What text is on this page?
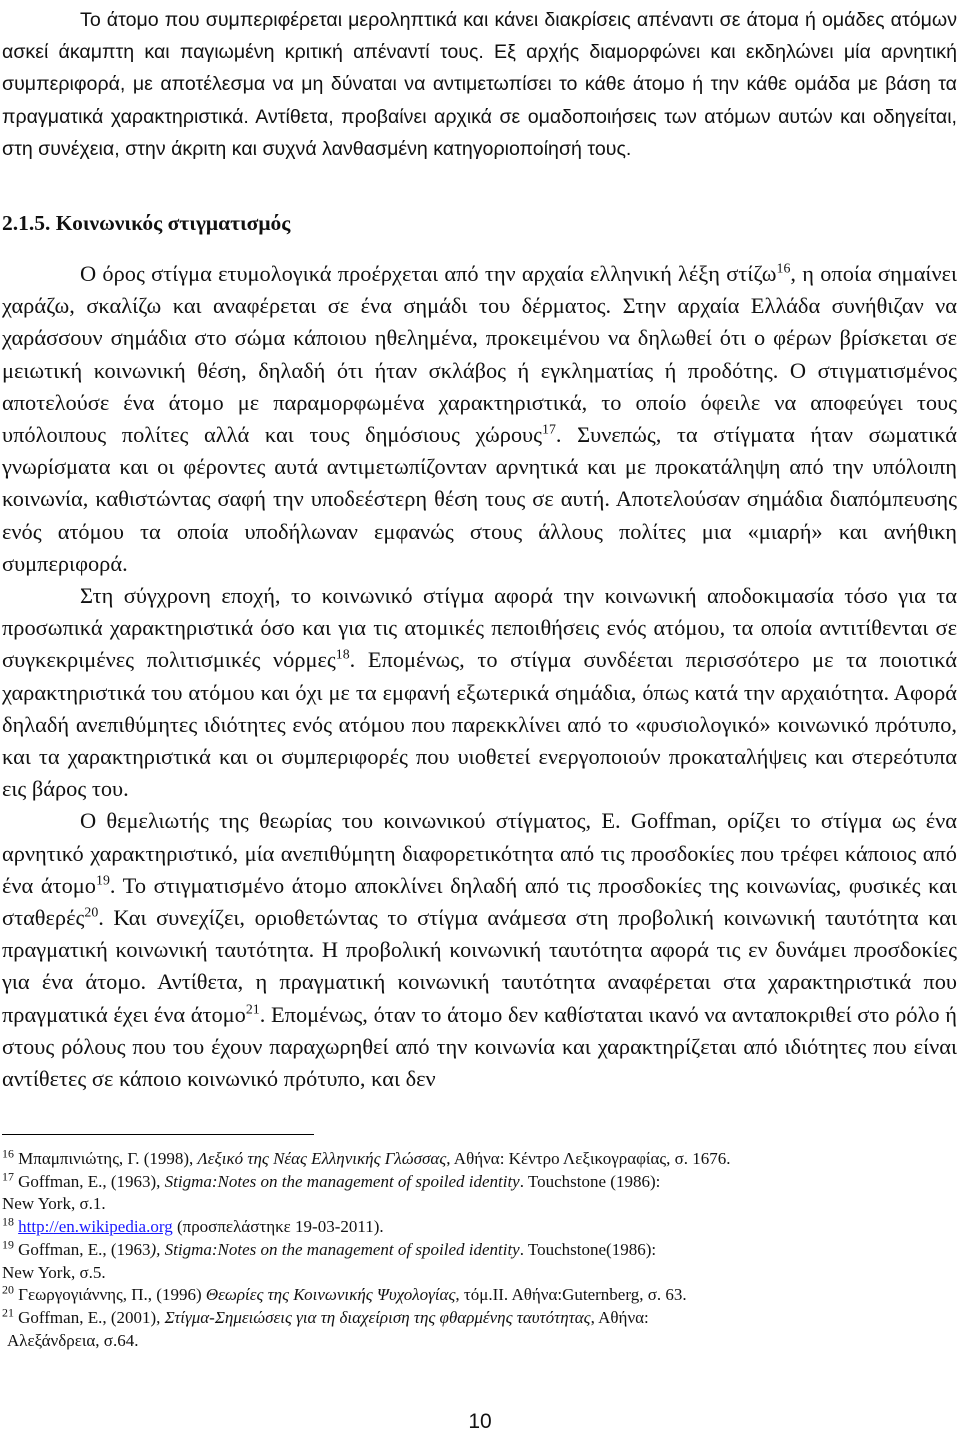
Το άτομο που συμπεριφέρεται μεροληπτικά και κάνει διακρίσεις απέναντι σε άτομα ή ομάδες ατόμων ασκεί άκαμπτη και παγιωμένη κριτική απέναντί τους. Εξ αρχής διαμορφώνει και εκδηλώνει μία αρνητική συμπεριφορά, με αποτέλεσμα να μη δύναται να αντιμετωπίσει το κάθε άτομο ή την κάθε ομάδα με βάση τα πραγματικά χαρακτηριστικά. Αντίθετα, προβαίνει αρχικά σε ομαδοποιήσεις των ατόμων αυτών και οδηγείται, στη συνέχεια, στην άκριτη και συχνά λανθασμένη κατηγοριοποίησή τους.

2.1.5. Κοινωνικός στιγματισμός

Ο όρος στίγμα ετυμολογικά προέρχεται από την αρχαία ελληνική λέξη στίζω$^{16}$, η οποία σημαίνει χαράζω, σκαλίζω και αναφέρεται σε ένα σημάδι του δέρματος. Στην αρχαία Ελλάδα συνήθιζαν να χαράσσουν σημάδια στο σώμα κάποιου ηθελημένα, προκειμένου να δηλωθεί ότι ο φέρων βρίσκεται σε μειωτική κοινωνική θέση, δηλαδή ότι ήταν σκλάβος ή εγκληματίας ή προδότης. Ο στιγματισμένος αποτελούσε ένα άτομο με παραμορφωμένα χαρακτηριστικά, το οποίο όφειλε να αποφεύγει τους υπόλοιπους πολίτες αλλά και τους δημόσιους χώρους$^{17}$. Συνεπώς, τα στίγματα ήταν σωματικά γνωρίσματα και οι φέροντες αυτά αντιμετωπίζονταν αρνητικά και με προκατάληψη από την υπόλοιπη κοινωνία, καθιστώντας σαφή την υποδεέστερη θέση τους σε αυτή. Αποτελούσαν σημάδια διαπόμπευσης ενός ατόμου τα οποία υποδήλωναν εμφανώς στους άλλους πολίτες μια «μιαρή» και ανήθικη συμπεριφορά.

Στη σύγχρονη εποχή, το κοινωνικό στίγμα αφορά την κοινωνική αποδοκιμασία τόσο για τα προσωπικά χαρακτηριστικά όσο και για τις ατομικές πεποιθήσεις ενός ατόμου, τα οποία αντιτίθενται σε συγκεκριμένες πολιτισμικές νόρμες$^{18}$. Επομένως, το στίγμα συνδέεται περισσότερο με τα ποιοτικά χαρακτηριστικά του ατόμου και όχι με τα εμφανή εξωτερικά σημάδια, όπως κατά την αρχαιότητα. Αφορά δηλαδή ανεπιθύμητες ιδιότητες ενός ατόμου που παρεκκλίνει από το «φυσιολογικό» κοινωνικό πρότυπο, και τα χαρακτηριστικά και οι συμπεριφορές που υιοθετεί ενεργοποιούν προκαταλήψεις και στερεότυπα εις βάρος του.

Ο θεμελιωτής της θεωρίας του κοινωνικού στίγματος, E. Goffman, ορίζει το στίγμα ως ένα αρνητικό χαρακτηριστικό, μία ανεπιθύμητη διαφορετικότητα από τις προσδοκίες που τρέφει κάποιος από ένα άτομο$^{19}$. Το στιγματισμένο άτομο αποκλίνει δηλαδή από τις προσδοκίες της κοινωνίας, φυσικές και σταθερές$^{20}$. Και συνεχίζει, οριοθετώντας το στίγμα ανάμεσα στη προβολική κοινωνική ταυτότητα και πραγματική κοινωνική ταυτότητα. Η προβολική κοινωνική ταυτότητα αφορά τις εν δυνάμει προσδοκίες για ένα άτομο. Αντίθετα, η πραγματική κοινωνική ταυτότητα αναφέρεται στα χαρακτηριστικά που πραγματικά έχει ένα άτομο$^{21}$. Επομένως, όταν το άτομο δεν καθίσταται ικανό να ανταποκριθεί στο ρόλο ή στους ρόλους που του έχουν παραχωρηθεί από την κοινωνία και χαρακτηρίζεται από ιδιότητες που είναι αντίθετες σε κάποιο κοινωνικό πρότυπο, και δεν

$^{16}$ Μπαμπινιώτης, Γ. (1998), Λεξικό της Νέας Ελληνικής Γλώσσας, Αθήνα: Κέντρο Λεξικογραφίας, σ. 1676.

$^{17}$ Goffman, E., (1963), Stigma:Notes on the management of spoiled identity. Touchstone (1986):
New York, σ.1.

$^{18}$ http://en.wikipedia.org (προσπελάστηκε 19-03-2011).

$^{19}$ Goffman, E., (1963), Stigma:Notes on the management of spoiled identity. Touchstone(1986):
New York, σ.5.

$^{20}$ Γεωργογιάννης, Π., (1996) Θεωρίες της Κοινωνικής Ψυχολογίας, τόμ.ΙΙ. Αθήνα:Guternberg, σ. 63.

$^{21}$ Goffman, E., (2001), Στίγμα-Σημειώσεις για τη διαχείριση της φθαρμένης ταυτότητας, Αθήνα:
Αλεξάνδρεια, σ.64.

10
